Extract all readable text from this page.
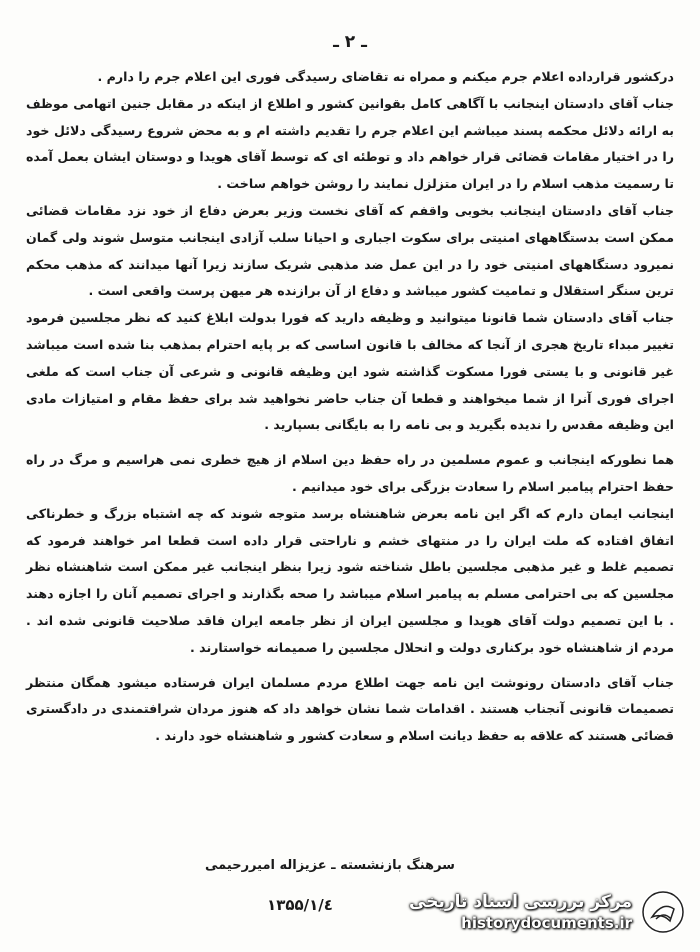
ـ ٢ ـ

درکشور قرارداده اعلام جرم میکنم و ممراه نه تقاضای رسیدگی فوری این اعلام جرم را دارم .

جناب آقای دادستان اینجانب با آگاهی کامل بقوانین کشور و اطلاع از اینکه در مقابل جنین اتهامی موظف به ارائه دلائل محکمه پسند میباشم این اعلام جرم را تقدیم داشته ام و به محض شروع رسیدگی دلائل خود را در اختیار مقامات قضائی قرار خواهم داد و توطئه ای که توسط آقای هویدا و دوستان ایشان بعمل آمده تا رسمیت مذهب اسلام را در ایران متزلزل نمایند را روشن خواهم ساخت .

جناب آقای دادستان اینجانب بخوبی واقفم که آقای نخست وزیر بعرض دفاع از خود نزد مقامات قضائی ممکن است بدستگاههای امنیتی برای سکوت اجباری و احیانا سلب آزادی اینجانب متوسل شوند ولی گمان نمیرود دستگاههای امنیتی خود را در این عمل ضد مذهبی شریک سازند زیرا آنها میدانند که مذهب محکم ترین سنگر استقلال و تمامیت کشور میباشد و دفاع از آن برازنده هر میهن پرست واقعی است .

جناب آقای دادستان شما قانونا میتوانید و وظیفه دارید که فورا بدولت ابلاغ کنید که نظر مجلسین فرمود تغییر مبداء تاریخ هجری از آنجا که مخالف با قانون اساسی که بر پایه احترام بمذهب بنا شده است میباشد غیر قانونی و با یستی فورا مسکوت گذاشته شود این وظیفه قانونی و شرعی آن جناب است که ملغی اجرای فوری آنرا از شما میخواهند و قطعا آن جناب حاضر نخواهید شد برای حفظ مقام و امتیازات مادی این وظیفه مقدس را ندیده بگیرید و بی نامه را به بایگانی بسپارید .

هما نطورکه اینجانب و عموم مسلمین در راه حفظ دین اسلام از هیچ خطری نمی هراسیم و مرگ در راه حفظ احترام پیامبر اسلام را سعادت بزرگی برای خود میدانیم .

اینجانب ایمان دارم که اگر این نامه بعرض شاهنشاه برسد متوجه شوند که چه اشتباه بزرگ و خطرناکی اتفاق افتاده که ملت ایران را در منتهای خشم و ناراحتی قرار داده است قطعا امر خواهند فرمود که تصمیم غلط و غیر مذهبی مجلسین باطل شناخته شود زیرا بنظر اینجانب غیر ممکن است شاهنشاه نظر مجلسین که بی احترامی مسلم به پیامبر اسلام میباشد را صحه بگذارند و اجرای تصمیم آنان را اجازه دهند . با این تصمیم دولت آقای هویدا و مجلسین ایران از نظر جامعه ایران فاقد صلاحیت قانونی شده اند . مردم از شاهنشاه خود برکناری دولت و انحلال مجلسین را صمیمانه خواستارند .

جناب آقای دادستان رونوشت این نامه جهت اطلاع مردم مسلمان ایران فرستاده میشود همگان منتظر تصمیمات قانونی آنجناب هستند . اقدامات شما نشان خواهد داد که هنوز مردان شرافتمندی در دادگستری قضائی هستند که علاقه به حفظ دیانت اسلام و سعادت کشور و شاهنشاه خود دارند .

سرهنگ بازنشسته ـ عزیزاله امیررحیمی
۱۳۵۵/۱/٤	مرکز بررسی اسناد تاریخی
historydocuments.ir
